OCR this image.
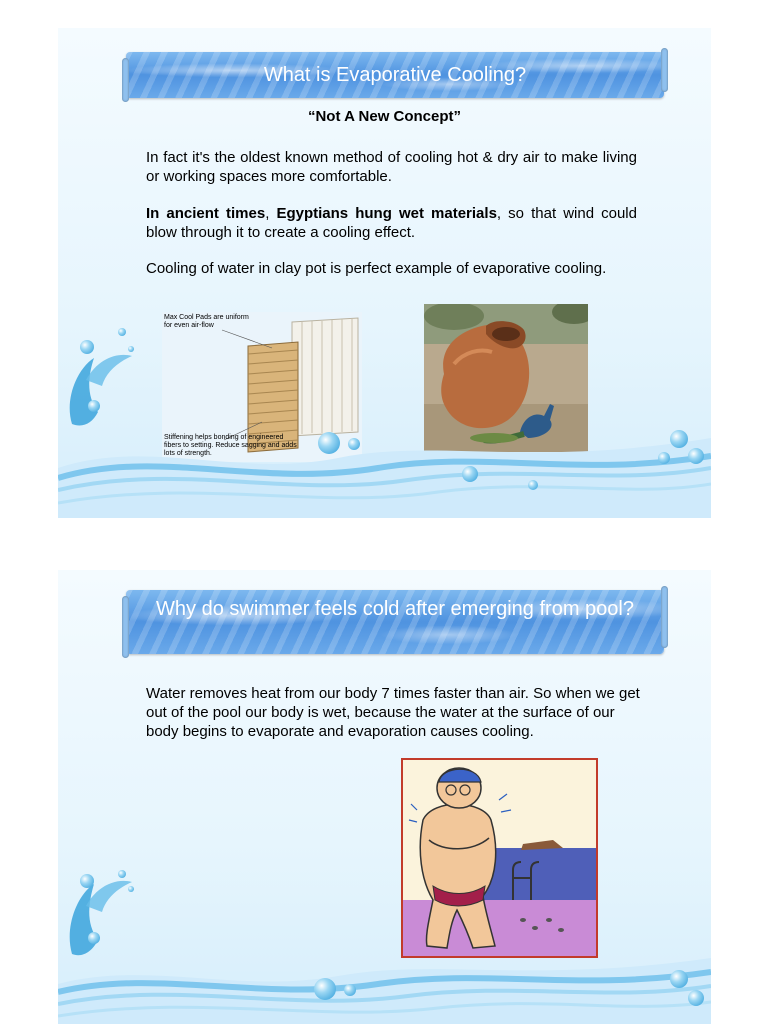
What is Evaporative Cooling?
“Not A New Concept”
In fact it's the oldest known method of cooling hot & dry air to make living or working spaces more comfortable.
In ancient times, Egyptians hung wet materials, so that wind could blow through it to create a cooling effect.
Cooling of water in clay pot is perfect example of evaporative cooling.
Max Cool Pads are uniform for even air-flow
Stiffening helps bonding of engineered fibers to setting. Reduce sagging and adds lots of strength.
Why do swimmer feels cold after emerging from pool?
Water removes heat from our body 7 times faster than air. So when we get out of the pool our body is wet, because the water at the surface of our body begins to evaporate and evaporation causes cooling.
